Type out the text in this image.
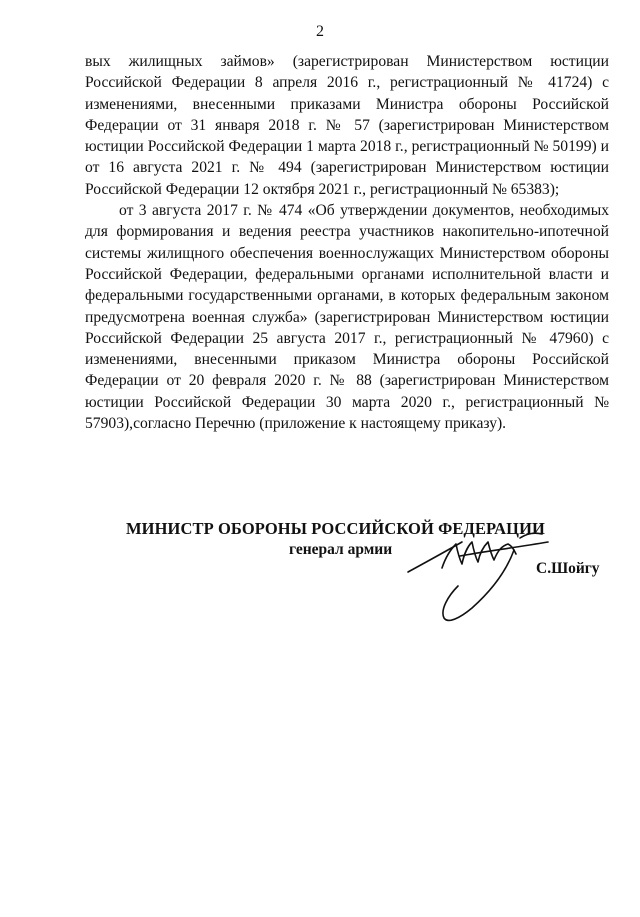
2

вых жилищных займов» (зарегистрирован Министерством юстиции Российской Федерации 8 апреля 2016 г., регистрационный № 41724) с изменениями, внесенными приказами Министра обороны Российской Федерации от 31 января 2018 г. № 57 (зарегистрирован Министерством юстиции Российской Федерации 1 марта 2018 г., регистрационный № 50199) и от 16 августа 2021 г. № 494 (зарегистрирован Министерством юстиции Российской Федерации 12 октября 2021 г., регистрационный № 65383);

от 3 августа 2017 г. № 474 «Об утверждении документов, необходимых для формирования и ведения реестра участников накопительно-ипотечной системы жилищного обеспечения военнослужащих Министерством обороны Российской Федерации, федеральными органами исполнительной власти и федеральными государственными органами, в которых федеральным законом предусмотрена военная служба» (зарегистрирован Министерством юстиции Российской Федерации 25 августа 2017 г., регистрационный № 47960) с изменениями, внесенными приказом Министра обороны Российской Федерации от 20 февраля 2020 г. № 88 (зарегистрирован Министерством юстиции Российской Федерации 30 марта 2020 г., регистрационный № 57903),согласно Перечню (приложение к настоящему приказу).

МИНИСТР ОБОРОНЫ РОССИЙСКОЙ ФЕДЕРАЦИИ
генерал армии
С.Шойгу
